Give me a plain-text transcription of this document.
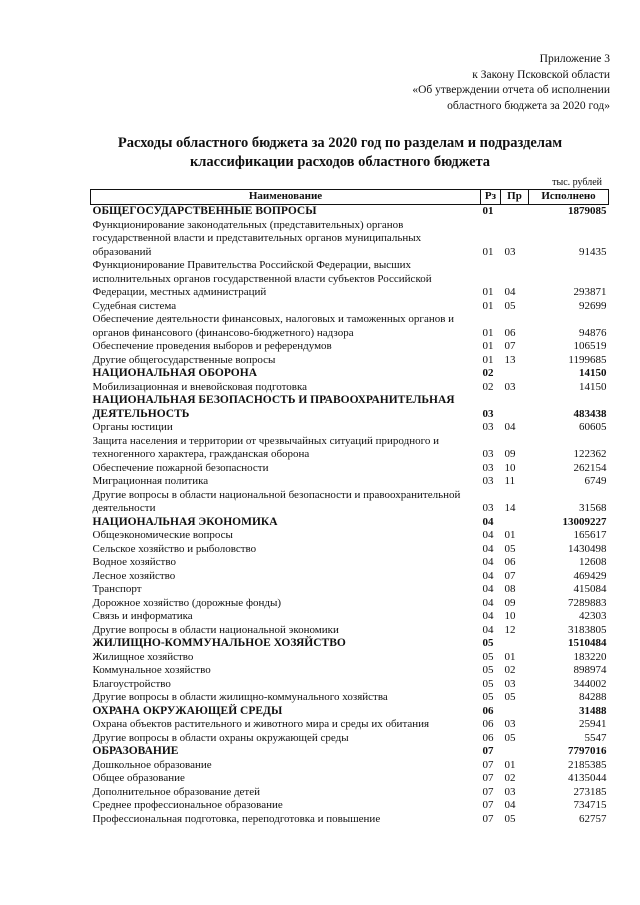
Приложение 3
к Закону Псковской области
«Об утверждении отчета об исполнении
областного бюджета за 2020 год»
Расходы областного бюджета за 2020 год по разделам и подразделам
классификации расходов областного бюджета
тыс. рублей
Наименование	Рз	Пр	Исполнено
ОБЩЕГОСУДАРСТВЕННЫЕ ВОПРОСЫ	01		1879085
Функционирование законодательных (представительных) органов государственной власти и представительных органов муниципальных образований	01	03	91435
Функционирование Правительства Российской Федерации, высших исполнительных органов государственной власти субъектов Российской Федерации, местных администраций	01	04	293871
Судебная система	01	05	92699
Обеспечение деятельности финансовых, налоговых и таможенных органов и органов финансового (финансово-бюджетного) надзора	01	06	94876
Обеспечение проведения выборов и референдумов	01	07	106519
Другие общегосударственные вопросы	01	13	1199685
НАЦИОНАЛЬНАЯ ОБОРОНА	02		14150
Мобилизационная и вневойсковая подготовка	02	03	14150
НАЦИОНАЛЬНАЯ БЕЗОПАСНОСТЬ И ПРАВООХРАНИТЕЛЬНАЯ ДЕЯТЕЛЬНОСТЬ	03		483438
Органы юстиции	03	04	60605
Защита населения и территории от чрезвычайных ситуаций природного и техногенного характера, гражданская оборона	03	09	122362
Обеспечение пожарной безопасности	03	10	262154
Миграционная политика	03	11	6749
Другие вопросы в области национальной безопасности и правоохранительной деятельности	03	14	31568
НАЦИОНАЛЬНАЯ ЭКОНОМИКА	04		13009227
Общеэкономические вопросы	04	01	165617
Сельское хозяйство и рыболовство	04	05	1430498
Водное хозяйство	04	06	12608
Лесное хозяйство	04	07	469429
Транспорт	04	08	415084
Дорожное хозяйство (дорожные фонды)	04	09	7289883
Связь и информатика	04	10	42303
Другие вопросы в области национальной экономики	04	12	3183805
ЖИЛИЩНО-КОММУНАЛЬНОЕ ХОЗЯЙСТВО	05		1510484
Жилищное хозяйство	05	01	183220
Коммунальное хозяйство	05	02	898974
Благоустройство	05	03	344002
Другие вопросы в области жилищно-коммунального хозяйства	05	05	84288
ОХРАНА ОКРУЖАЮЩЕЙ СРЕДЫ	06		31488
Охрана объектов растительного и животного мира и среды их обитания	06	03	25941
Другие вопросы в области охраны окружающей среды	06	05	5547
ОБРАЗОВАНИЕ	07		7797016
Дошкольное образование	07	01	2185385
Общее образование	07	02	4135044
Дополнительное образование детей	07	03	273185
Среднее профессиональное образование	07	04	734715
Профессиональная подготовка, переподготовка и повышение	07	05	62757
